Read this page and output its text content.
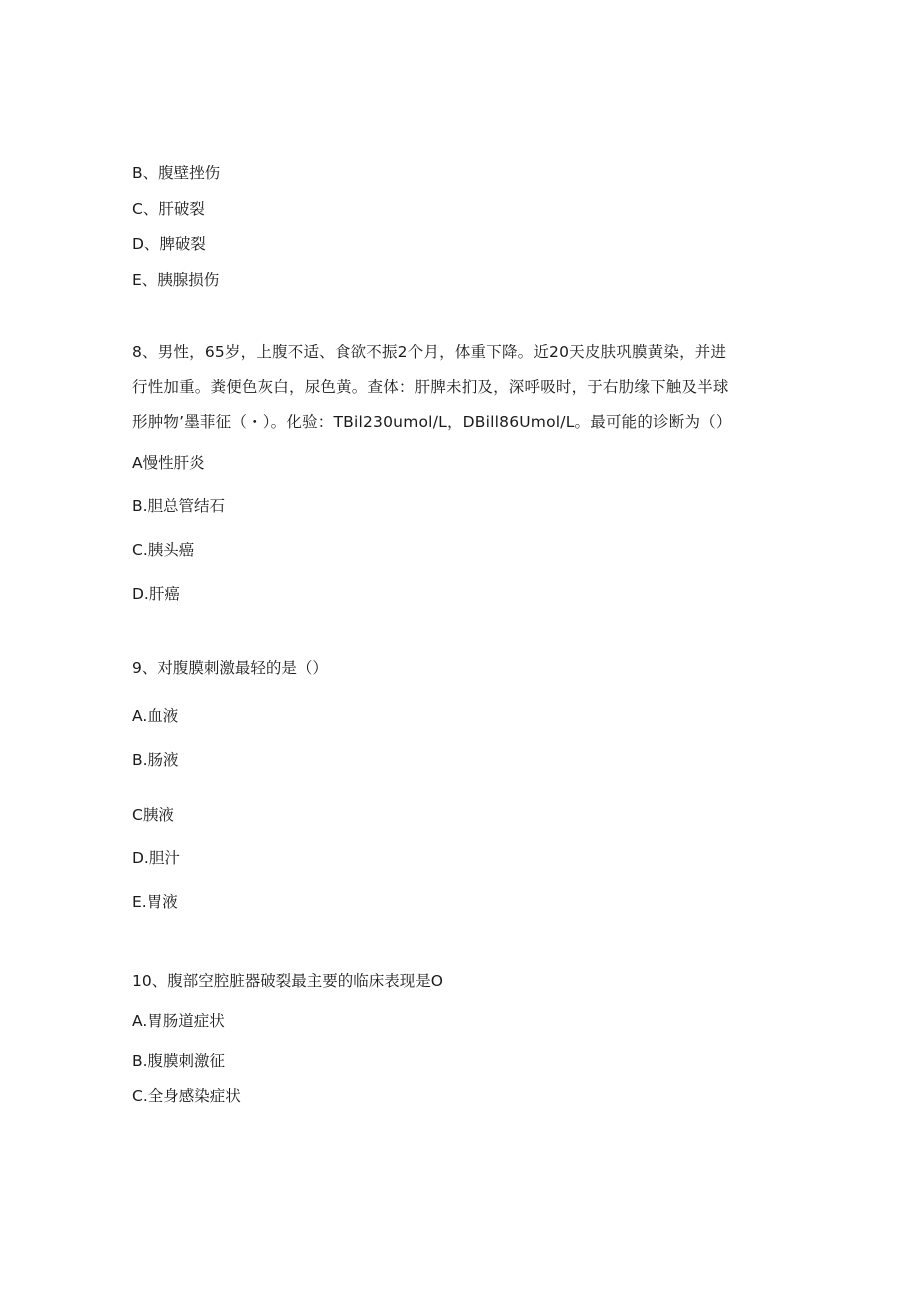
B、腹壁挫伤
C、肝破裂
D、脾破裂
E、胰腺损伤
8、男性，65岁，上腹不适、食欲不振2个月，体重下降。近20天皮肤巩膜黄染，并进
行性加重。粪便色灰白，尿色黄。查体：肝脾未扪及，深呼吸时，于右肋缘下触及半球
形肿物’墨菲征（・）。化验：TBil230umol∕L，DBill86Umol/L。最可能的诊断为（）
A慢性肝炎
B.胆总管结石
C.胰头癌
D.肝癌
9、对腹膜刺激最轻的是（）
A.血液
B.肠液
C胰液
D.胆汁
E.胃液
10、腹部空腔脏器破裂最主要的临床表现是O
A.胃肠道症状
B.腹膜刺激征
C.全身感染症状
